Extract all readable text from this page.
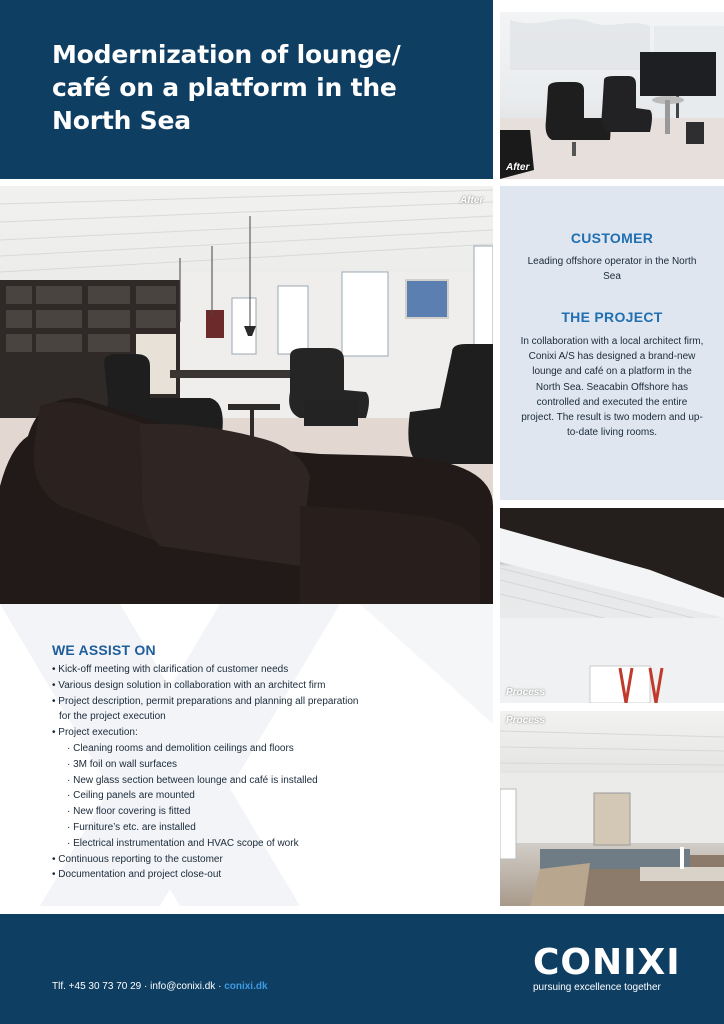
Modernization of lounge/ café on a platform in the North Sea
After
After
CUSTOMER

Leading offshore operator in the North Sea

THE PROJECT

In collaboration with a local architect firm, Conixi A/S has designed a brand-new lounge and café on a platform in the North Sea. Seacabin Offshore has controlled and executed the entire project. The result is two modern and up-to-date living rooms.

Process
Process
WE ASSIST ON
• Kick-off meeting with clarification of customer needs
• Various design solution in collaboration with an architect firm
• Project description, permit preparations and planning all preparation
for the project execution
• Project execution:
· Cleaning rooms and demolition ceilings and floors
· 3M foil on wall surfaces
· New glass section between lounge and café is installed
· Ceiling panels are mounted
· New floor covering is fitted
· Furniture’s etc. are installed
· Electrical instrumentation and HVAC scope of work
• Continuous reporting to the customer
• Documentation and project close-out
Tlf. +45 30 73 70 29 · info@conixi.dk · conixi.dk
CONIXI
pursuing excellence together
